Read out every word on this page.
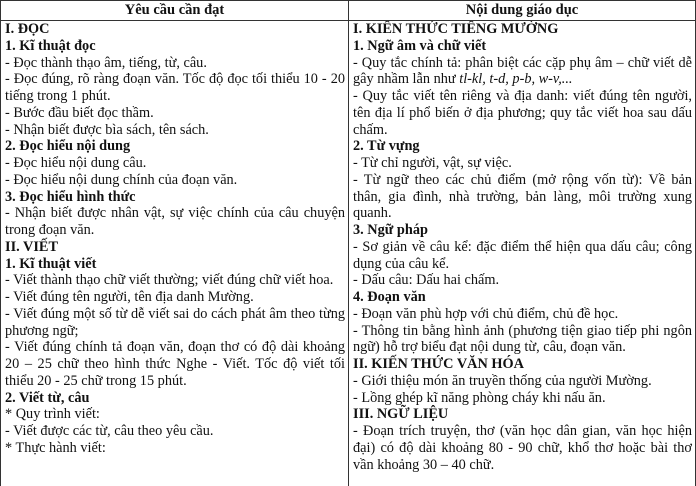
Yêu cầu cần đạt	Nội dung giáo dục

I. ĐỌC

1. Kĩ thuật đọc

- Đọc thành thạo âm, tiếng, từ, câu.

- Đọc đúng, rõ ràng đoạn văn. Tốc độ đọc tối thiểu 10 - 20 tiếng trong 1 phút.

- Bước đầu biết đọc thầm.

- Nhận biết được bìa sách, tên sách.

2. Đọc hiểu nội dung

- Đọc hiểu nội dung câu.

- Đọc hiểu nội dung chính của đoạn văn.

3. Đọc hiểu hình thức

- Nhận biết được nhân vật, sự việc chính của câu chuyện trong đoạn văn.

II. VIẾT

1. Kĩ thuật viết

- Viết thành thạo chữ viết thường; viết đúng chữ viết hoa.

- Viết đúng tên người, tên địa danh Mường.

- Viết đúng một số từ dễ viết sai do cách phát âm theo từng phương ngữ;

- Viết đúng chính tả đoạn văn, đoạn thơ có độ dài khoảng 20 – 25 chữ theo hình thức Nghe - Viết. Tốc độ viết tối thiểu 20 - 25 chữ trong 15 phút.

2. Viết từ, câu

* Quy trình viết:

- Viết được các từ, câu theo yêu cầu.

* Thực hành viết:

I. KIẾN THỨC TIẾNG MƯỜNG

1. Ngữ âm và chữ viết

- Quy tắc chính tả: phân biệt các cặp phụ âm – chữ viết dễ gây nhầm lẫn như tl-kl, t-d, p-b, w-v,...

- Quy tắc viết tên riêng và địa danh: viết đúng tên người, tên địa lí phổ biến ở địa phương; quy tắc viết hoa sau dấu chấm.

2. Từ vựng

- Từ chỉ người, vật, sự việc.

- Từ ngữ theo các chủ điểm (mở rộng vốn từ): Về bản thân, gia đình, nhà trường, bản làng, môi trường xung quanh.

3. Ngữ pháp

- Sơ giản về câu kể: đặc điểm thể hiện qua dấu câu; công dụng của câu kể.

- Dấu câu: Dấu hai chấm.

4. Đoạn văn

- Đoạn văn phù hợp với chủ điểm, chủ đề học.

- Thông tin bằng hình ảnh (phương tiện giao tiếp phi ngôn ngữ) hỗ trợ biểu đạt nội dung từ, câu, đoạn văn.

II. KIẾN THỨC VĂN HÓA

- Giới thiệu món ăn truyền thống của người Mường.

- Lồng ghép kĩ năng phòng cháy khi nấu ăn.

III. NGỮ LIỆU

- Đoạn trích truyện, thơ (văn học dân gian, văn học hiện đại) có độ dài khoảng 80 - 90 chữ, khổ thơ hoặc bài thơ vần khoảng 30 – 40 chữ.
